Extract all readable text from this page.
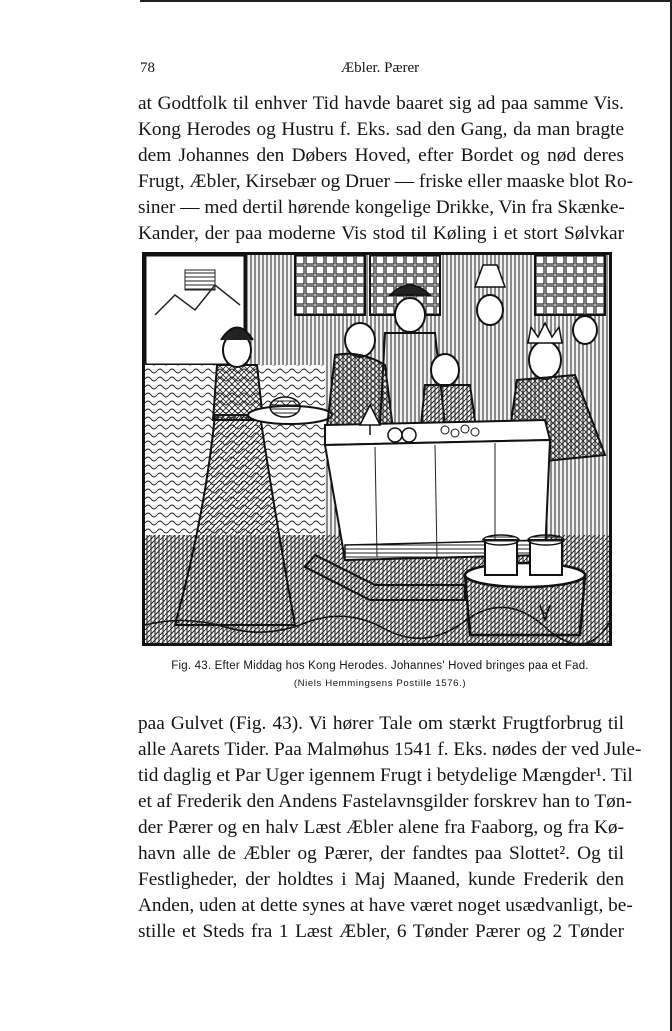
78	Æbler. Pærer
at Godtfolk til enhver Tid havde baaret sig ad paa samme Vis.
Kong Herodes og Hustru f. Eks. sad den Gang, da man bragte
dem Johannes den Døbers Hoved, efter Bordet og nød deres
Frugt, Æbler, Kirsebær og Druer — friske eller maaske blot Ro-
siner — med dertil hørende kongelige Drikke, Vin fra Skænke-
Kander, der paa moderne Vis stod til Køling i et stort Sølvkar
Fig. 43. Efter Middag hos Kong Herodes. Johannes' Hoved bringes paa et Fad.
(Niels Hemmingsens Postille 1576.)
paa Gulvet (Fig. 43). Vi hører Tale om stærkt Frugtforbrug til
alle Aarets Tider. Paa Malmøhus 1541 f. Eks. nødes der ved Jule-
tid daglig et Par Uger igennem Frugt i betydelige Mængder¹. Til
et af Frederik den Andens Fastelavnsgilder forskrev han to Tøn-
der Pærer og en halv Læst Æbler alene fra Faaborg, og fra Kø-
havn alle de Æbler og Pærer, der fandtes paa Slottet². Og til
Festligheder, der holdtes i Maj Maaned, kunde Frederik den
Anden, uden at dette synes at have været noget usædvanligt, be-
stille et Steds fra 1 Læst Æbler, 6 Tønder Pærer og 2 Tønder
